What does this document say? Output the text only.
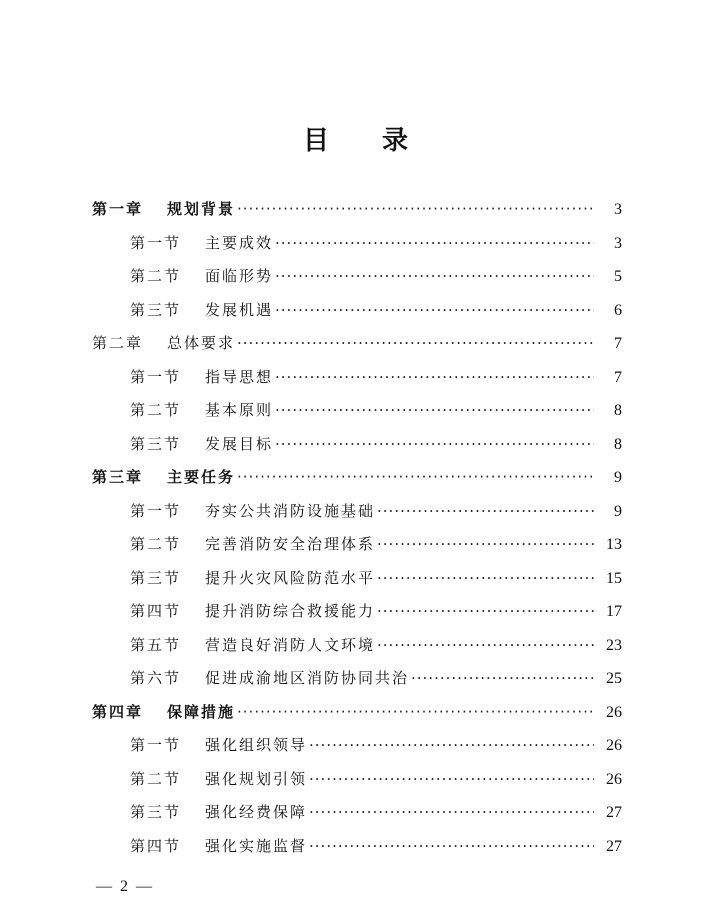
目 录
第一章	规划背景 ·····	3
第一节	主要成效 ·····	3
第二节	面临形势 ·····	5
第三节	发展机遇 ·····	6
第二章	总体要求 ·····	7
第一节	指导思想 ·····	7
第二节	基本原则 ·····	8
第三节	发展目标 ·····	8
第三章	主要任务 ·····	9
第一节	夯实公共消防设施基础 ·····	9
第二节	完善消防安全治理体系 ·····	13
第三节	提升火灾风险防范水平 ·····	15
第四节	提升消防综合救援能力 ·····	17
第五节	营造良好消防人文环境 ·····	23
第六节	促进成渝地区消防协同共治 ·····	25
第四章	保障措施 ·····	26
第一节	强化组织领导 ·····	26
第二节	强化规划引领 ·····	26
第三节	强化经费保障 ·····	27
第四节	强化实施监督 ·····	27
— 2 —
